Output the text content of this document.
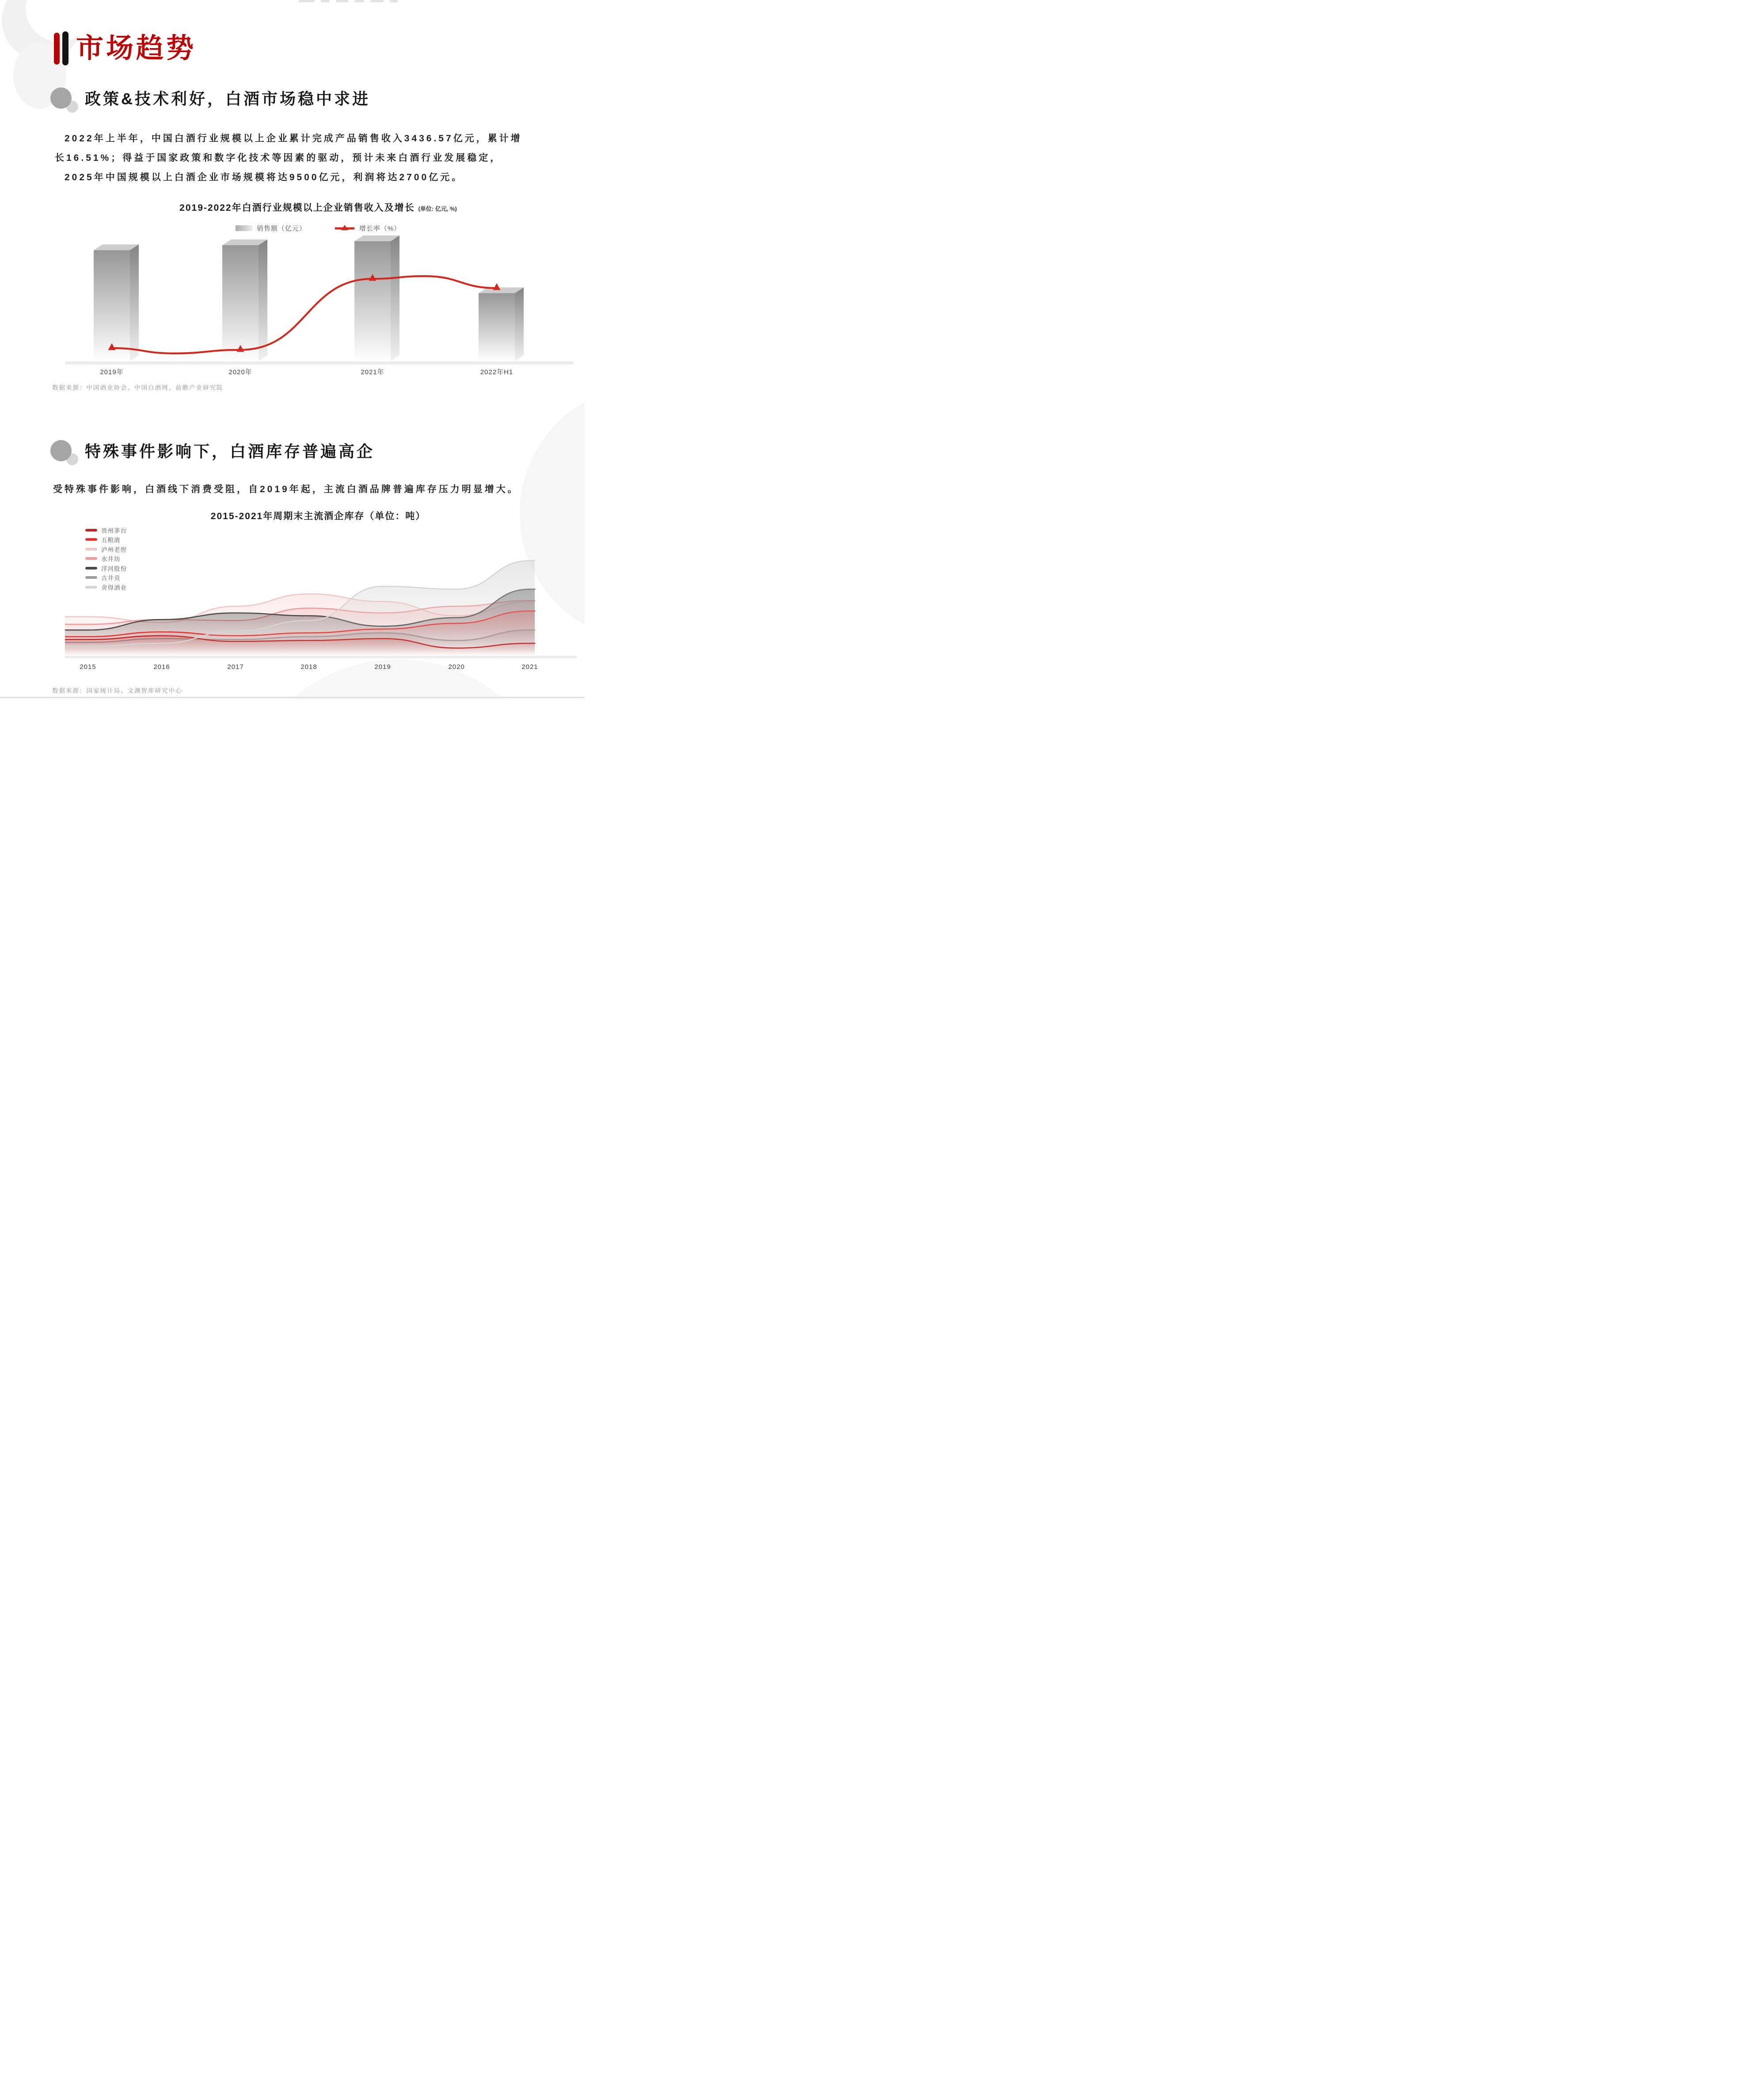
市场趋势
政策&技术利好，白酒市场稳中求进
2022年上半年，中国白酒行业规模以上企业累计完成产品销售收入3436.57亿元，累计增
长16.51%；得益于国家政策和数字化技术等因素的驱动，预计未来白酒行业发展稳定，
2025年中国规模以上白酒企业市场规模将达9500亿元，利润将达2700亿元。
2019-2022年白酒行业规模以上企业销售收入及增长 (单位: 亿元, %)
销售额（亿元）	增长率（%）
2019年	2020年	2021年	2022年H1
数据来源：中国酒业协会、中国白酒网、前瞻产业研究院
特殊事件影响下，白酒库存普遍高企
受特殊事件影响，白酒线下消费受阻，自2019年起，主流白酒品牌普遍库存压力明显增大。
2015-2021年周期末主流酒企库存（单位：吨）
贵州茅台
五粮液
泸州老窖
水井坊
洋河股份
古井贡
舍得酒业
2015	2016	2017	2018	2019	2020	2021
数据来源：国家统计局、文渊智库研究中心
